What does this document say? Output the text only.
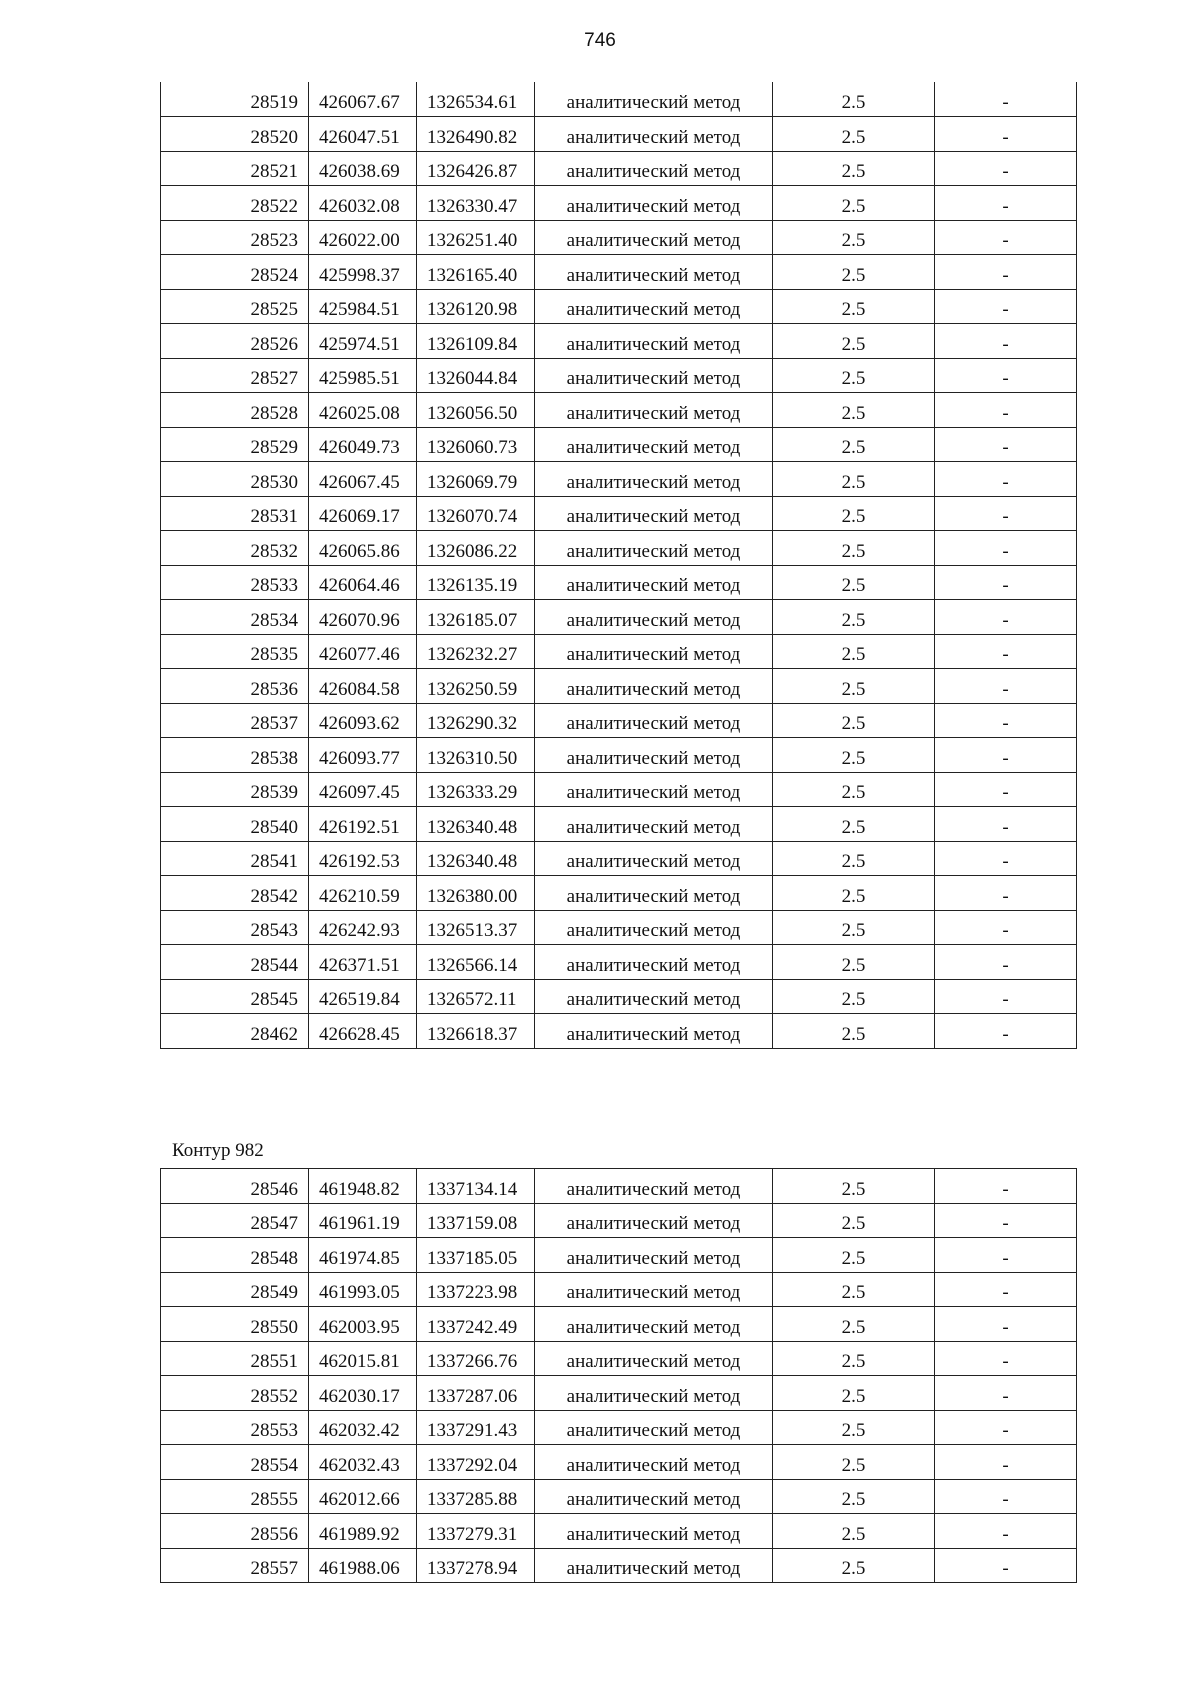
746
28519	426067.67	1326534.61	аналитический метод	2.5	-
28520	426047.51	1326490.82	аналитический метод	2.5	-
28521	426038.69	1326426.87	аналитический метод	2.5	-
28522	426032.08	1326330.47	аналитический метод	2.5	-
28523	426022.00	1326251.40	аналитический метод	2.5	-
28524	425998.37	1326165.40	аналитический метод	2.5	-
28525	425984.51	1326120.98	аналитический метод	2.5	-
28526	425974.51	1326109.84	аналитический метод	2.5	-
28527	425985.51	1326044.84	аналитический метод	2.5	-
28528	426025.08	1326056.50	аналитический метод	2.5	-
28529	426049.73	1326060.73	аналитический метод	2.5	-
28530	426067.45	1326069.79	аналитический метод	2.5	-
28531	426069.17	1326070.74	аналитический метод	2.5	-
28532	426065.86	1326086.22	аналитический метод	2.5	-
28533	426064.46	1326135.19	аналитический метод	2.5	-
28534	426070.96	1326185.07	аналитический метод	2.5	-
28535	426077.46	1326232.27	аналитический метод	2.5	-
28536	426084.58	1326250.59	аналитический метод	2.5	-
28537	426093.62	1326290.32	аналитический метод	2.5	-
28538	426093.77	1326310.50	аналитический метод	2.5	-
28539	426097.45	1326333.29	аналитический метод	2.5	-
28540	426192.51	1326340.48	аналитический метод	2.5	-
28541	426192.53	1326340.48	аналитический метод	2.5	-
28542	426210.59	1326380.00	аналитический метод	2.5	-
28543	426242.93	1326513.37	аналитический метод	2.5	-
28544	426371.51	1326566.14	аналитический метод	2.5	-
28545	426519.84	1326572.11	аналитический метод	2.5	-
28462	426628.45	1326618.37	аналитический метод	2.5	-
Контур 982
28546	461948.82	1337134.14	аналитический метод	2.5	-
28547	461961.19	1337159.08	аналитический метод	2.5	-
28548	461974.85	1337185.05	аналитический метод	2.5	-
28549	461993.05	1337223.98	аналитический метод	2.5	-
28550	462003.95	1337242.49	аналитический метод	2.5	-
28551	462015.81	1337266.76	аналитический метод	2.5	-
28552	462030.17	1337287.06	аналитический метод	2.5	-
28553	462032.42	1337291.43	аналитический метод	2.5	-
28554	462032.43	1337292.04	аналитический метод	2.5	-
28555	462012.66	1337285.88	аналитический метод	2.5	-
28556	461989.92	1337279.31	аналитический метод	2.5	-
28557	461988.06	1337278.94	аналитический метод	2.5	-
